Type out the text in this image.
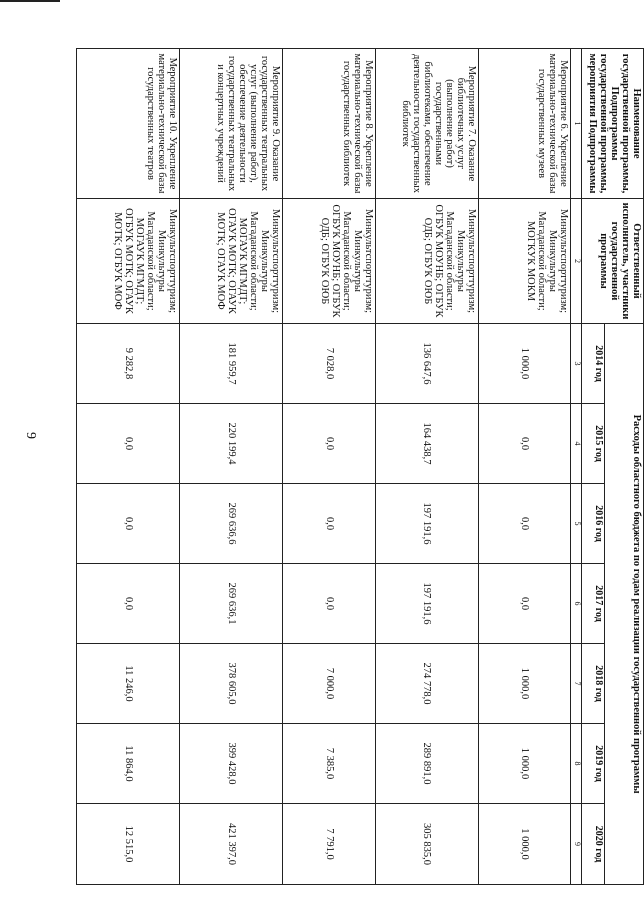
9
Наименование государственной программы, Подпрограммы государственной программы, мероприятия Подпрограммы	Ответственный исполнитель, участники государственной программы	Расходы областного бюджета по годам реализации государственной программы						
		2014 год	2015 год	2016 год	2017 год	2018 год	2019 год	2020 год
1	2	3	4	5	6	7	8	9
Мероприятие 6. Укрепление материально-технической базы государственных музеев	Минкультспорттуризм; Минкультуры Магаданской области; МОГКУК МОКМ	1 000,0	0,0	0,0	0,0	1 000,0	1 000,0	1 000,0
Мероприятие 7. Оказание библиотечных услуг (выполнение работ) государственными библиотеками, обеспечение деятельности государственных библиотек	Минкультспорттуризм; Минкультуры Магаданской области; ОГБУК МОУНБ; ОГБУК ОДБ; ОГБУК ОЮБ	136 647,6	164 438,7	197 191,6	197 191,6	274 778,0	289 891,0	305 835,0
Мероприятие 8. Укрепление материально-технической базы государственных библиотек	Минкультспорттуризм; Минкультуры Магаданской области; ОГБУК МОУНБ; ОГБУК ОДБ; ОГБУК ОЮБ	7 028,0	0,0	0,0	0,0	7 000,0	7 385,0	7 791,0
Мероприятие 9. Оказание государственных театральных услуг (выполнение работ), обеспечение деятельности государственных театральных и концертных учреждений	Минкультспорттуризм; Минкультуры Магаданской области; МОГАУК МГМДТ; ОГАУК МОТК; ОГАУК МОТК; ОГАУК МОФ	181 959,7	220 199,4	269 636,6	269 636,1	378 605,0	399 428,0	421 397,0
Мероприятие 10. Укрепление материально-технической базы государственных театров	Минкультспорттуризм; Минкультуры Магаданской области; МОГАУК МГМДТ; ОГБУК МОТК; ОГАУК МОТК; ОГБУК МОФ	9 282,8	0,0	0,0	0,0	11 246,0	11 864,0	12 515,0
